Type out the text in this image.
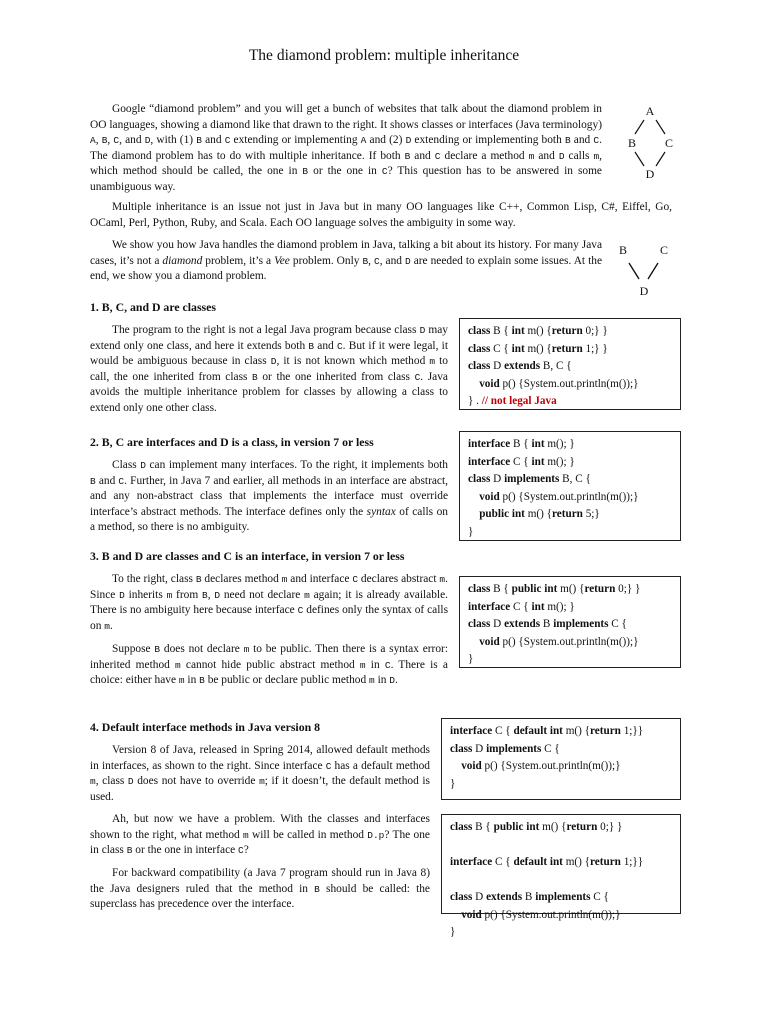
The diamond problem: multiple inheritance

Google “diamond problem” and you will get a bunch of websites that talk about the diamond problem in OO languages, showing a diamond like that drawn to the right. It shows classes or interfaces (Java terminology) A, B, C, and D, with (1) B and C extending or implementing A and (2) D extending or implementing both B and C. The diamond problem has to do with multiple inheritance. If both B and C declare a method m and D calls m, which method should be called, the one in B or the one in C? This question has to be answered in some unambiguous way.

Multiple inheritance is an issue not just in Java but in many OO languages like C++, Common Lisp, C#, Eiffel, Go, OCaml, Perl, Python, Ruby, and Scala. Each OO language solves the ambiguity in some way.

We show you how Java handles the diamond problem in Java, talking a bit about its history. For many Java cases, it’s not a diamond problem, it’s a Vee problem. Only B, C, and D are needed to explain some issues. At the end, we show you a diamond problem.

A
B C
D
B	C
D
1. B, C, and D are classes

The program to the right is not a legal Java program because class D may extend only one class, and here it extends both B and C. But if it were legal, it would be ambiguous because in class D, it is not known which method m to call, the one inherited from class B or the one inherited from class C. Java avoids the multiple inheritance problem for classes by allowing a class to extend only one other class.

class B { int m() {return 0;} }
class C { int m() {return 1;} }
class D extends B, C {
void p() {System.out.println(m());}
} . // not legal Java
2. B, C are interfaces and D is a class, in version 7 or less

Class D can implement many interfaces. To the right, it implements both B and C. Further, in Java 7 and earlier, all methods in an interface are abstract, and any non-abstract class that implements the interface must override interface’s abstract methods. The interface defines only the syntax of calls on a method, so there is no ambiguity.

interface B { int m(); }
interface C { int m(); }
class D implements B, C {
void p() {System.out.println(m());}
public int m() {return 5;}
}
3. B and D are classes and C is an interface, in version 7 or less

To the right, class B declares method m and interface C declares abstract m. Since D inherits m from B, D need not declare m again; it is already available. There is no ambiguity here because interface C defines only the syntax of calls on m.

Suppose B does not declare m to be public. Then there is a syntax error: inherited method m cannot hide public abstract method m in C. There is a choice: either have m in B be public or declare public method m in D.

class B { public int m() {return 0;} }
interface C { int m(); }
class D extends B implements C {
void p() {System.out.println(m());}
}
4. Default interface methods in Java version 8

Version 8 of Java, released in Spring 2014, allowed default methods in interfaces, as shown to the right. Since interface C has a default method m, class D does not have to override m; if it doesn’t, the default method is used.

Ah, but now we have a problem. With the classes and interfaces shown to the right, what method m will be called in method D.p? The one in class B or the one in interface C?

For backward compatibility (a Java 7 program should run in Java 8) the Java designers ruled that the method in B should be called: the superclass has precedence over the interface.

interface C { default int m() {return 1;}}
class D implements C {
void p() {System.out.println(m());}
}
class B { public int m() {return 0;} }
interface C { default int m() {return 1;}}
class D extends B implements C {
void p() {System.out.println(m());}
}
